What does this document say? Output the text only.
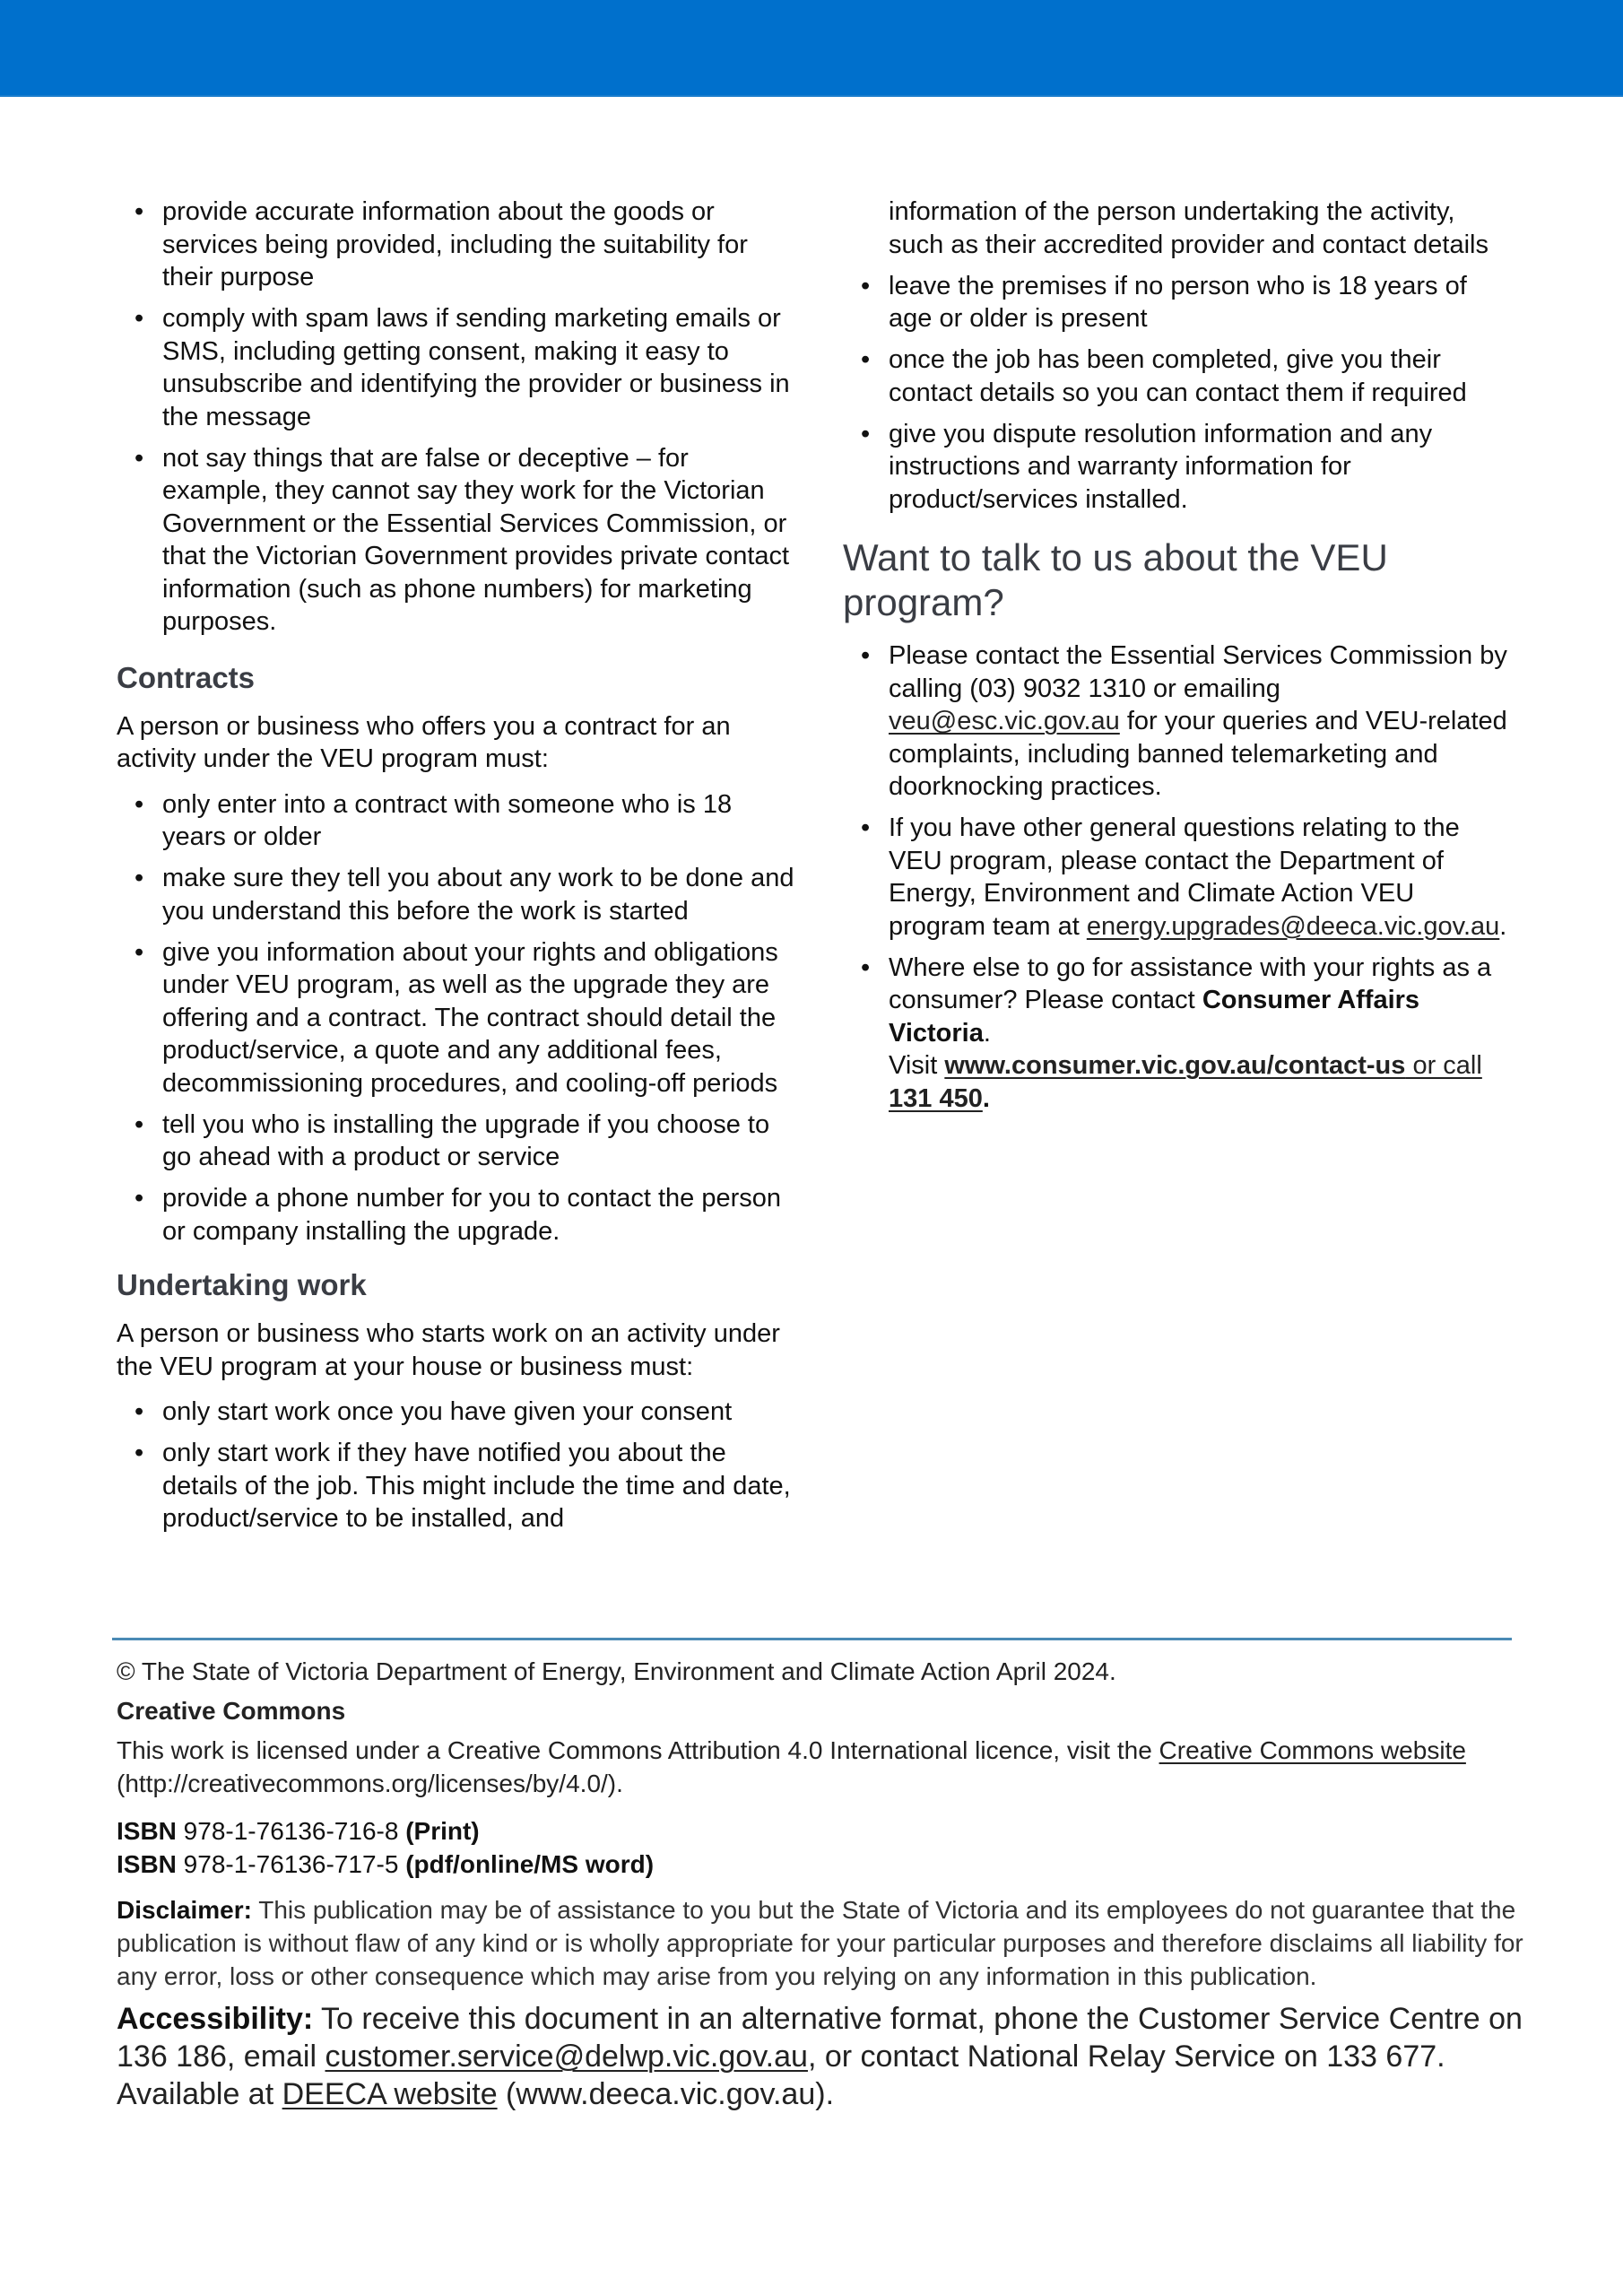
• provide accurate information about the goods or services being provided, including the suitability for their purpose
• comply with spam laws if sending marketing emails or SMS, including getting consent, making it easy to unsubscribe and identifying the provider or business in the message
• not say things that are false or deceptive – for example, they cannot say they work for the Victorian Government or the Essential Services Commission, or that the Victorian Government provides private contact information (such as phone numbers) for marketing purposes.
Contracts

A person or business who offers you a contract for an activity under the VEU program must:

• only enter into a contract with someone who is 18 years or older
• make sure they tell you about any work to be done and you understand this before the work is started
• give you information about your rights and obligations under VEU program, as well as the upgrade they are offering and a contract. The contract should detail the product/service, a quote and any additional fees, decommissioning procedures, and cooling-off periods
• tell you who is installing the upgrade if you choose to go ahead with a product or service
• provide a phone number for you to contact the person or company installing the upgrade.
Undertaking work

A person or business who starts work on an activity under the VEU program at your house or business must:

• only start work once you have given your consent
• only start work if they have notified you about the details of the job. This might include the time and date, product/service to be installed, and
information of the person undertaking the activity, such as their accredited provider and contact details
• leave the premises if no person who is 18 years of age or older is present
• once the job has been completed, give you their contact details so you can contact them if required
• give you dispute resolution information and any instructions and warranty information for product/services installed.
Want to talk to us about the VEU program?
• Please contact the Essential Services Commission by calling (03) 9032 1310 or emailing veu@esc.vic.gov.au for your queries and VEU-related complaints, including banned telemarketing and doorknocking practices.
• If you have other general questions relating to the VEU program, please contact the Department of Energy, Environment and Climate Action VEU program team at energy.upgrades@deeca.vic.gov.au.
• Where else to go for assistance with your rights as a consumer? Please contact Consumer Affairs Victoria.
Visit www.consumer.vic.gov.au/contact-us or call 131 450.

© The State of Victoria Department of Energy, Environment and Climate Action April 2024.

Creative Commons

This work is licensed under a Creative Commons Attribution 4.0 International licence, visit the Creative Commons website (http://creativecommons.org/licenses/by/4.0/).

ISBN 978-1-76136-716-8 (Print)
ISBN 978-1-76136-717-5 (pdf/online/MS word)

Disclaimer: This publication may be of assistance to you but the State of Victoria and its employees do not guarantee that the publication is without flaw of any kind or is wholly appropriate for your particular purposes and therefore disclaims all liability for any error, loss or other consequence which may arise from you relying on any information in this publication.

Accessibility: To receive this document in an alternative format, phone the Customer Service Centre on 136 186, email customer.service@delwp.vic.gov.au, or contact National Relay Service on 133 677. Available at DEECA website (www.deeca.vic.gov.au).
